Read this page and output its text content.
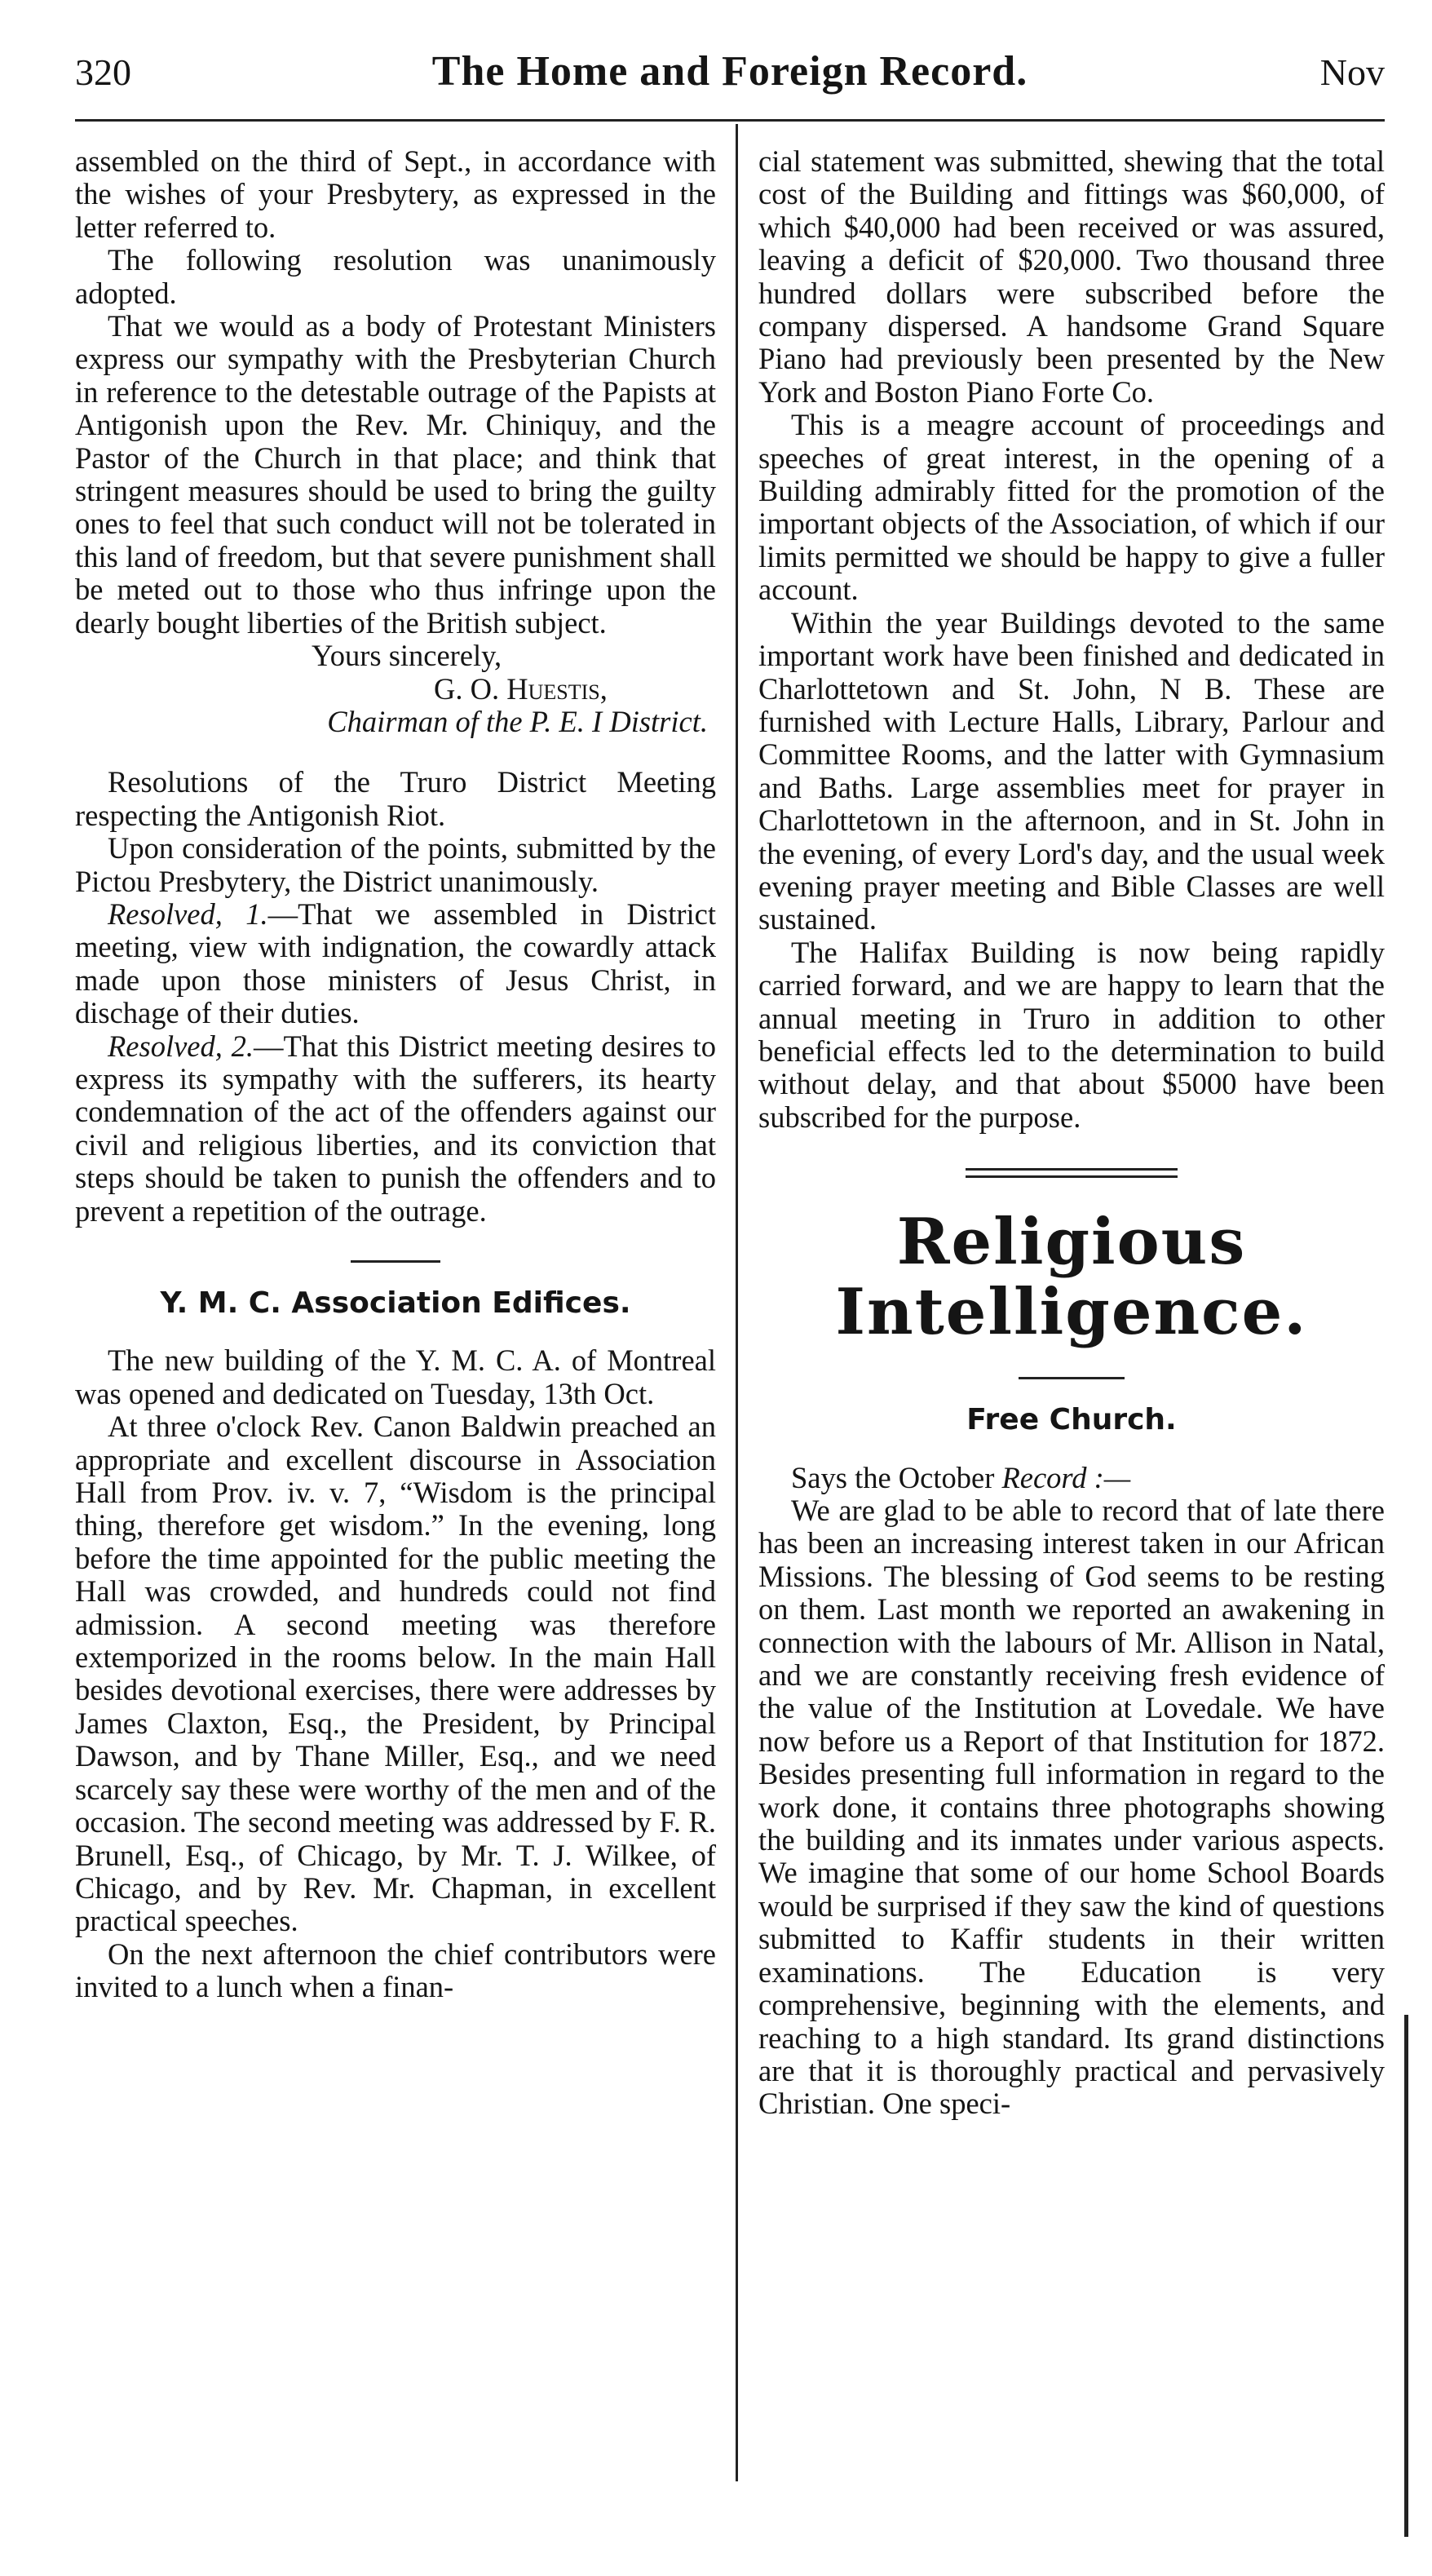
320	The Home and Foreign Record.	Nov

assembled on the third of Sept., in accordance with the wishes of your Presbytery, as expressed in the letter referred to.

The following resolution was unanimously adopted.

That we would as a body of Protestant Ministers express our sympathy with the Presbyterian Church in reference to the detestable outrage of the Papists at Antigonish upon the Rev. Mr. Chiniquy, and the Pastor of the Church in that place; and think that stringent measures should be used to bring the guilty ones to feel that such conduct will not be tolerated in this land of freedom, but that severe punishment shall be meted out to those who thus infringe upon the dearly bought liberties of the British subject.

Yours sincerely,

G. O. Huestis,

Chairman of the P. E. I District.

Resolutions of the Truro District Meeting respecting the Antigonish Riot.

Upon consideration of the points, submitted by the Pictou Presbytery, the District unanimously.

Resolved, 1.—That we assembled in District meeting, view with indignation, the cowardly attack made upon those ministers of Jesus Christ, in dischage of their duties.

Resolved, 2.—That this District meeting desires to express its sympathy with the sufferers, its hearty condemnation of the act of the offenders against our civil and religious liberties, and its conviction that steps should be taken to punish the offenders and to prevent a repetition of the outrage.

Y. M. C. Association Edifices.

The new building of the Y. M. C. A. of Montreal was opened and dedicated on Tuesday, 13th Oct.

At three o'clock Rev. Canon Baldwin preached an appropriate and excellent discourse in Association Hall from Prov. iv. v. 7, “Wisdom is the principal thing, therefore get wisdom.” In the evening, long before the time appointed for the public meeting the Hall was crowded, and hundreds could not find admission. A second meeting was therefore extemporized in the rooms below. In the main Hall besides devotional exercises, there were addresses by James Claxton, Esq., the President, by Principal Dawson, and by Thane Miller, Esq., and we need scarcely say these were worthy of the men and of the occasion. The second meeting was addressed by F. R. Brunell, Esq., of Chicago, by Mr. T. J. Wilkee, of Chicago, and by Rev. Mr. Chapman, in excellent practical speeches.

On the next afternoon the chief contributors were invited to a lunch when a finan-

cial statement was submitted, shewing that the total cost of the Building and fittings was $60,000, of which $40,000 had been received or was assured, leaving a deficit of $20,000. Two thousand three hundred dollars were subscribed before the company dispersed. A handsome Grand Square Piano had previously been presented by the New York and Boston Piano Forte Co.

This is a meagre account of proceedings and speeches of great interest, in the opening of a Building admirably fitted for the promotion of the important objects of the Association, of which if our limits permitted we should be happy to give a fuller account.

Within the year Buildings devoted to the same important work have been finished and dedicated in Charlottetown and St. John, N B. These are furnished with Lecture Halls, Library, Parlour and Committee Rooms, and the latter with Gymnasium and Baths. Large assemblies meet for prayer in Charlottetown in the afternoon, and in St. John in the evening, of every Lord's day, and the usual week evening prayer meeting and Bible Classes are well sustained.

The Halifax Building is now being rapidly carried forward, and we are happy to learn that the annual meeting in Truro in addition to other beneficial effects led to the determination to build without delay, and that about $5000 have been subscribed for the purpose.

Religious Intelligence.
Free Church.

Says the October Record :—

We are glad to be able to record that of late there has been an increasing interest taken in our African Missions. The blessing of God seems to be resting on them. Last month we reported an awakening in connection with the labours of Mr. Allison in Natal, and we are constantly receiving fresh evidence of the value of the Institution at Lovedale. We have now before us a Report of that Institution for 1872. Besides presenting full information in regard to the work done, it contains three photographs showing the building and its inmates under various aspects. We imagine that some of our home School Boards would be surprised if they saw the kind of questions submitted to Kaffir students in their written examinations. The Education is very comprehensive, beginning with the elements, and reaching to a high standard. Its grand distinctions are that it is thoroughly practical and pervasively Christian. One speci-
